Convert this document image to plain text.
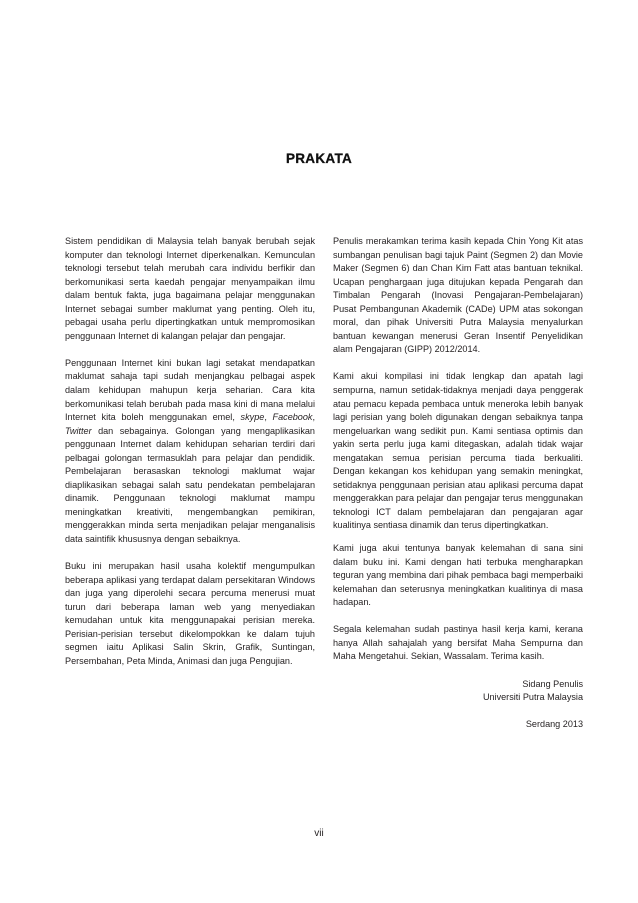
PRAKATA

Sistem pendidikan di Malaysia telah banyak berubah sejak komputer dan teknologi Internet diperkenalkan. Kemunculan teknologi tersebut telah merubah cara individu berfikir dan berkomunikasi serta kaedah pengajar menyampaikan ilmu dalam bentuk fakta, juga bagaimana pelajar menggunakan Internet sebagai sumber maklumat yang penting. Oleh itu, pebagai usaha perlu dipertingkatkan untuk mempromosikan penggunaan Internet di kalangan pelajar dan pengajar.

Penggunaan Internet kini bukan lagi setakat mendapatkan maklumat sahaja tapi sudah menjangkau pelbagai aspek dalam kehidupan mahupun kerja seharian. Cara kita berkomunikasi telah berubah pada masa kini di mana melalui Internet kita boleh menggunakan emel, skype, Facebook, Twitter dan sebagainya. Golongan yang mengaplikasikan penggunaan Internet dalam kehidupan seharian terdiri dari pelbagai golongan termasuklah para pelajar dan pendidik. Pembelajaran berasaskan teknologi maklumat wajar diaplikasikan sebagai salah satu pendekatan pembelajaran dinamik. Penggunaan teknologi maklumat mampu meningkatkan kreativiti, mengembangkan pemikiran, menggerakkan minda serta menjadikan pelajar menganalisis data saintifik khususnya dengan sebaiknya.

Buku ini merupakan hasil usaha kolektif mengumpulkan beberapa aplikasi yang terdapat dalam persekitaran Windows dan juga yang diperolehi secara percuma menerusi muat turun dari beberapa laman web yang menyediakan kemudahan untuk kita menggunapakai perisian mereka. Perisian-perisian tersebut dikelompokkan ke dalam tujuh segmen iaitu Aplikasi Salin Skrin, Grafik, Suntingan, Persembahan, Peta Minda, Animasi dan juga Pengujian.

Penulis merakamkan terima kasih kepada Chin Yong Kit atas sumbangan penulisan bagi tajuk Paint (Segmen 2) dan Movie Maker (Segmen 6) dan Chan Kim Fatt atas bantuan teknikal. Ucapan penghargaan juga ditujukan kepada Pengarah dan Timbalan Pengarah (Inovasi Pengajaran-Pembelajaran) Pusat Pembangunan Akademik (CADe) UPM atas sokongan moral, dan pihak Universiti Putra Malaysia menyalurkan bantuan kewangan menerusi Geran Insentif Penyelidikan alam Pengajaran (GIPP) 2012/2014.

Kami akui kompilasi ini tidak lengkap dan apatah lagi sempurna, namun setidak-tidaknya menjadi daya penggerak atau pemacu kepada pembaca untuk meneroka lebih banyak lagi perisian yang boleh digunakan dengan sebaiknya tanpa mengeluarkan wang sedikit pun. Kami sentiasa optimis dan yakin serta perlu juga kami ditegaskan, adalah tidak wajar mengatakan semua perisian percuma tiada berkualiti. Dengan kekangan kos kehidupan yang semakin meningkat, setidaknya penggunaan perisian atau aplikasi percuma dapat menggerakkan para pelajar dan pengajar terus menggunakan teknologi ICT dalam pembelajaran dan pengajaran agar kualitinya sentiasa dinamik dan terus dipertingkatkan.

Kami juga akui tentunya banyak kelemahan di sana sini dalam buku ini. Kami dengan hati terbuka mengharapkan teguran yang membina dari pihak pembaca bagi memperbaiki kelemahan dan seterusnya meningkatkan kualitinya di masa hadapan.

Segala kelemahan sudah pastinya hasil kerja kami, kerana hanya Allah sahajalah yang bersifat Maha Sempurna dan Maha Mengetahui. Sekian, Wassalam. Terima kasih.

Sidang Penulis

Universiti Putra Malaysia

Serdang 2013

vii
